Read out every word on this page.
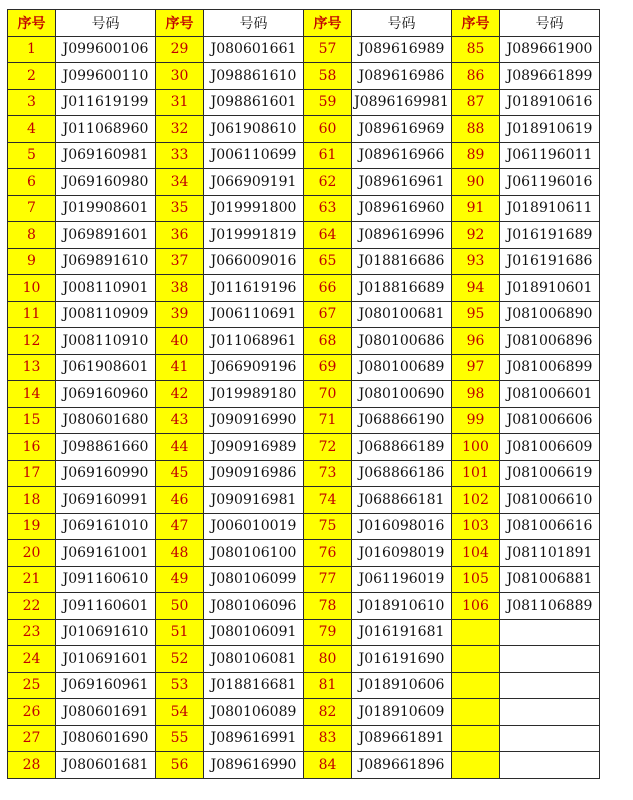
序号	号码	序号	号码	序号	号码	序号	号码
1	J099600106	29	J080601661	57	J089616989	85	J089661900
2	J099600110	30	J098861610	58	J089616986	86	J089661899
3	J011619199	31	J098861601	59	J0896169981	87	J018910616
4	J011068960	32	J061908610	60	J089616969	88	J018910619
5	J069160981	33	J006110699	61	J089616966	89	J061196011
6	J069160980	34	J066909191	62	J089616961	90	J061196016
7	J019908601	35	J019991800	63	J089616960	91	J018910611
8	J069891601	36	J019991819	64	J089616996	92	J016191689
9	J069891610	37	J066009016	65	J018816686	93	J016191686
10	J008110901	38	J011619196	66	J018816689	94	J018910601
11	J008110909	39	J006110691	67	J080100681	95	J081006890
12	J008110910	40	J011068961	68	J080100686	96	J081006896
13	J061908601	41	J066909196	69	J080100689	97	J081006899
14	J069160960	42	J019989180	70	J080100690	98	J081006601
15	J080601680	43	J090916990	71	J068866190	99	J081006606
16	J098861660	44	J090916989	72	J068866189	100	J081006609
17	J069160990	45	J090916986	73	J068866186	101	J081006619
18	J069160991	46	J090916981	74	J068866181	102	J081006610
19	J069161010	47	J006010019	75	J016098016	103	J081006616
20	J069161001	48	J080106100	76	J016098019	104	J081101891
21	J091160610	49	J080106099	77	J061196019	105	J081006881
22	J091160601	50	J080106096	78	J018910610	106	J081106889
23	J010691610	51	J080106091	79	J016191681		
24	J010691601	52	J080106081	80	J016191690		
25	J069160961	53	J018816681	81	J018910606		
26	J080601691	54	J080106089	82	J018910609		
27	J080601690	55	J089616991	83	J089661891		
28	J080601681	56	J089616990	84	J089661896		
